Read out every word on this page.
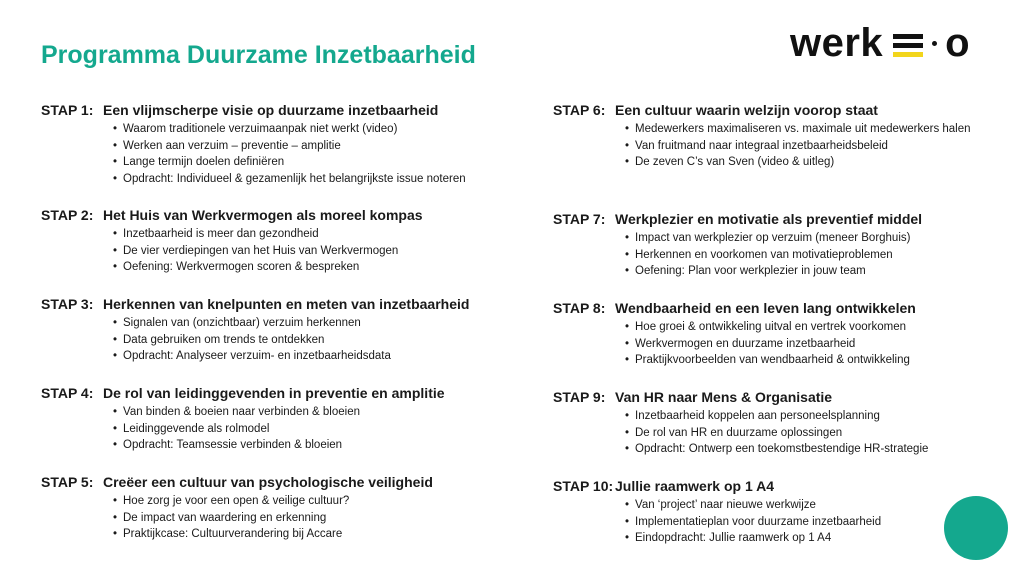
Programma Duurzame Inzetbaarheid	werk o
STAP 1: Een vlijmscherpe visie op duurzame inzetbaarheid
• Waarom traditionele verzuimaanpak niet werkt (video)
• Werken aan verzuim – preventie – amplitie
• Lange termijn doelen definiëren
• Opdracht: Individueel & gezamenlijk het belangrijkste issue noteren
STAP 2: Het Huis van Werkvermogen als moreel kompas
• Inzetbaarheid is meer dan gezondheid
• De vier verdiepingen van het Huis van Werkvermogen
• Oefening: Werkvermogen scoren & bespreken
STAP 3: Herkennen van knelpunten en meten van inzetbaarheid
• Signalen van (onzichtbaar) verzuim herkennen
• Data gebruiken om trends te ontdekken
• Opdracht: Analyseer verzuim- en inzetbaarheidsdata
STAP 4: De rol van leidinggevenden in preventie en amplitie
• Van binden & boeien naar verbinden & bloeien
• Leidinggevende als rolmodel
• Opdracht: Teamsessie verbinden & bloeien
STAP 5: Creëer een cultuur van psychologische veiligheid
• Hoe zorg je voor een open & veilige cultuur?
• De impact van waardering en erkenning
• Praktijkcase: Cultuurverandering bij Accare
STAP 6: Een cultuur waarin welzijn voorop staat
• Medewerkers maximaliseren vs. maximale uit medewerkers halen
• Van fruitmand naar integraal inzetbaarheidsbeleid
• De zeven C’s van Sven (video & uitleg)
STAP 7: Werkplezier en motivatie als preventief middel
• Impact van werkplezier op verzuim (meneer Borghuis)
• Herkennen en voorkomen van motivatieproblemen
• Oefening: Plan voor werkplezier in jouw team
STAP 8: Wendbaarheid en een leven lang ontwikkelen
• Hoe groei & ontwikkeling uitval en vertrek voorkomen
• Werkvermogen en duurzame inzetbaarheid
• Praktijkvoorbeelden van wendbaarheid & ontwikkeling
STAP 9: Van HR naar Mens & Organisatie
• Inzetbaarheid koppelen aan personeelsplanning
• De rol van HR en duurzame oplossingen
• Opdracht: Ontwerp een toekomstbestendige HR-strategie
STAP 10: Jullie raamwerk op 1 A4
• Van ‘project’ naar nieuwe werkwijze
• Implementatieplan voor duurzame inzetbaarheid
• Eindopdracht: Jullie raamwerk op 1 A4
